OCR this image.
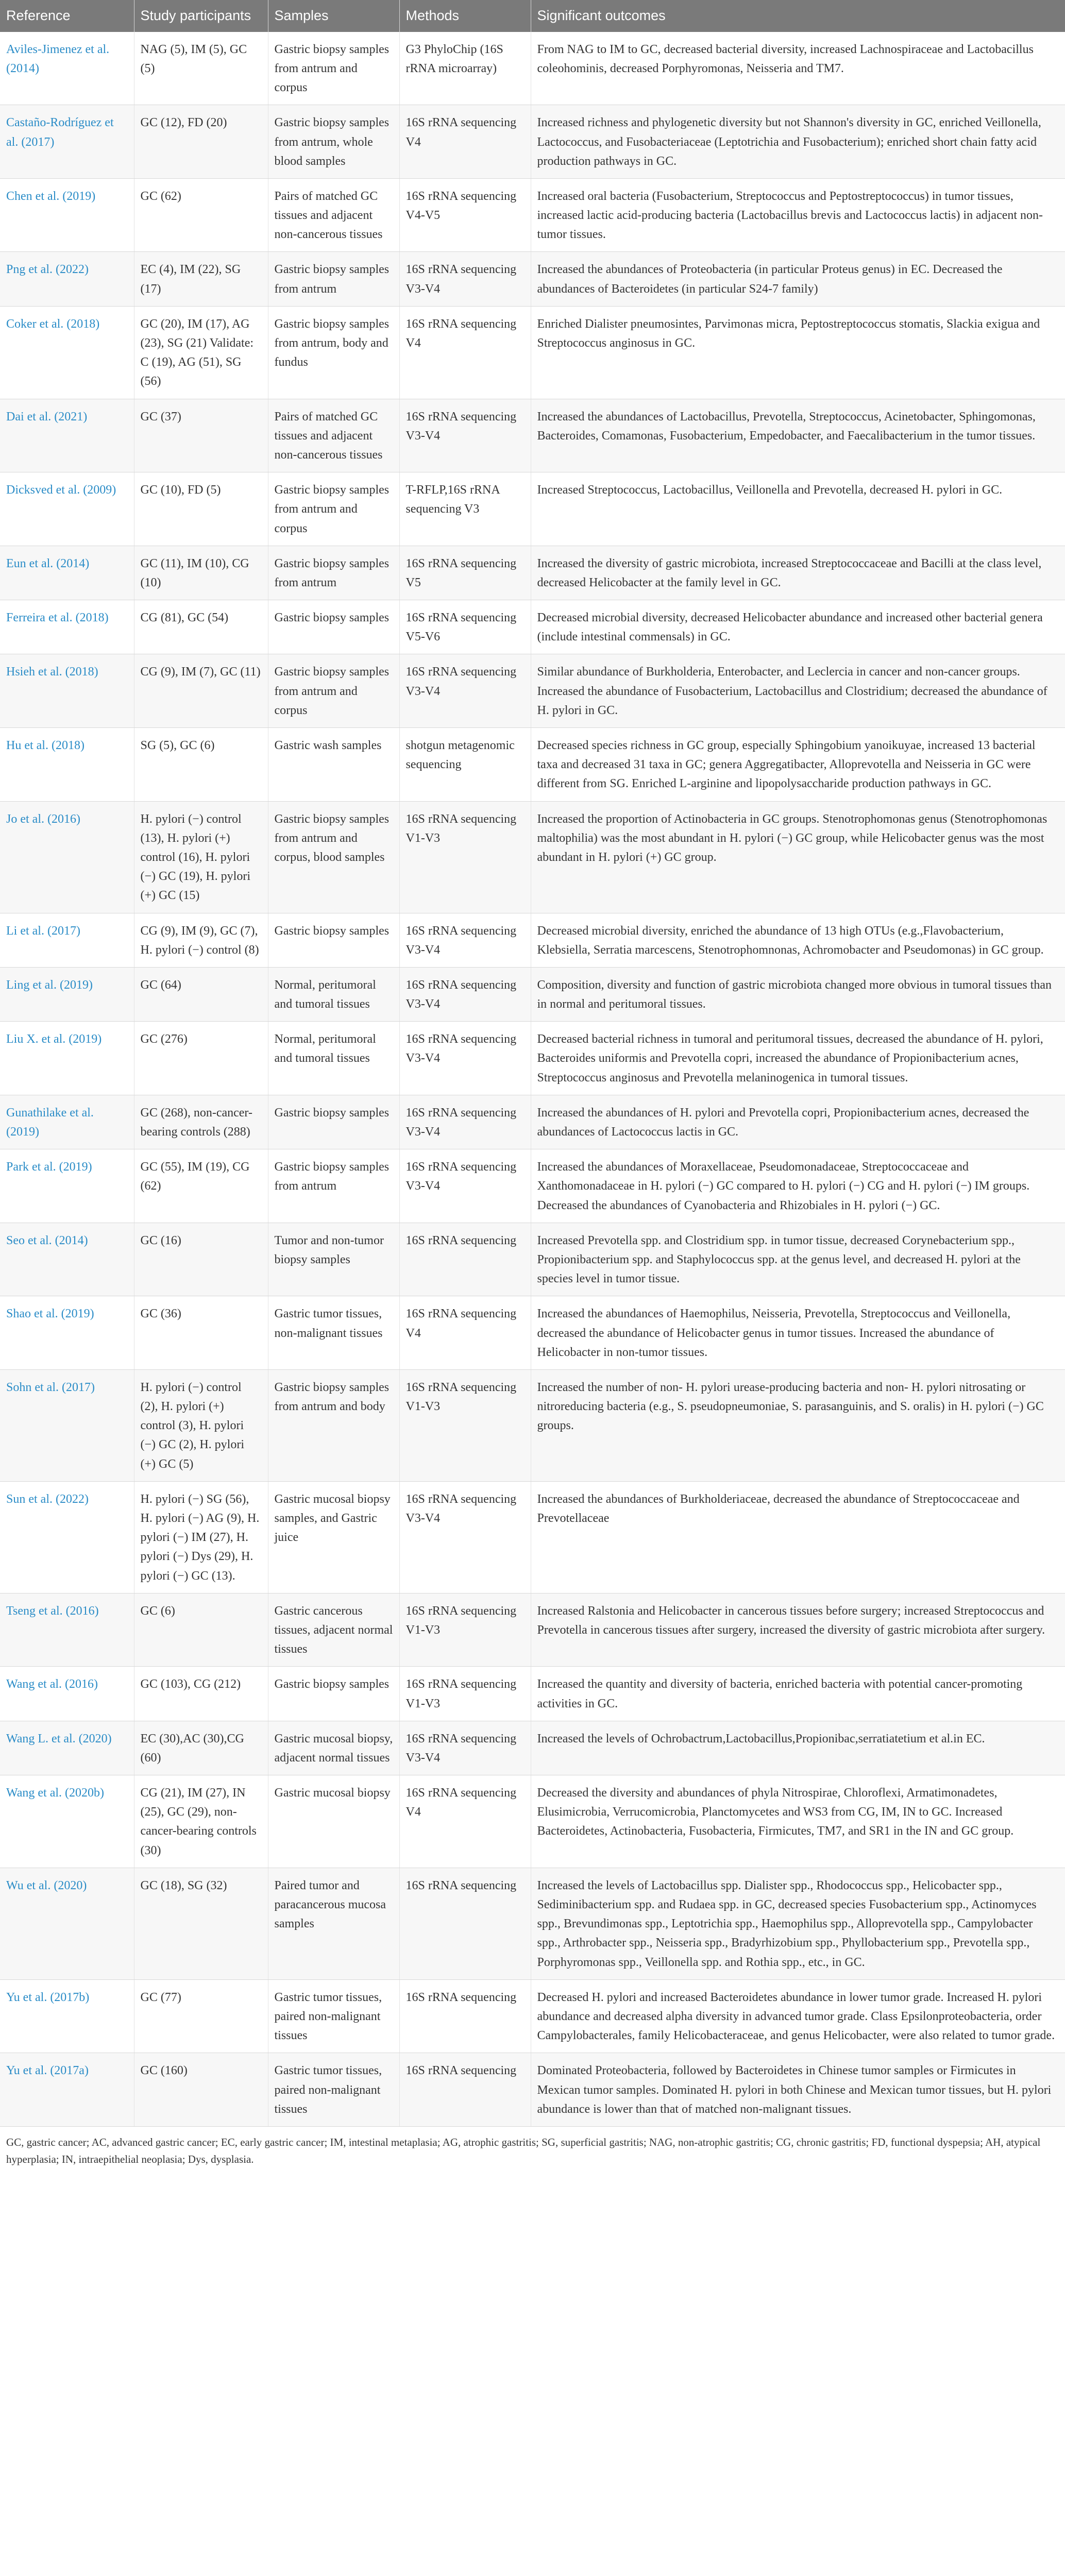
Reference	Study participants	Samples	Methods	Significant outcomes
Aviles-Jimenez et al. (2014)	NAG (5), IM (5), GC (5)	Gastric biopsy samples from antrum and corpus	G3 PhyloChip (16S rRNA microarray)	From NAG to IM to GC, decreased bacterial diversity, increased Lachnospiraceae and Lactobacillus coleohominis, decreased Porphyromonas, Neisseria and TM7.
Castaño-Rodríguez et al. (2017)	GC (12), FD (20)	Gastric biopsy samples from antrum, whole blood samples	16S rRNA sequencing V4	Increased richness and phylogenetic diversity but not Shannon's diversity in GC, enriched Veillonella, Lactococcus, and Fusobacteriaceae (Leptotrichia and Fusobacterium); enriched short chain fatty acid production pathways in GC.
Chen et al. (2019)	GC (62)	Pairs of matched GC tissues and adjacent non-cancerous tissues	16S rRNA sequencing V4-V5	Increased oral bacteria (Fusobacterium, Streptococcus and Peptostreptococcus) in tumor tissues, increased lactic acid-producing bacteria (Lactobacillus brevis and Lactococcus lactis) in adjacent non-tumor tissues.
Png et al. (2022)	EC (4), IM (22), SG (17)	Gastric biopsy samples from antrum	16S rRNA sequencing V3-V4	Increased the abundances of Proteobacteria (in particular Proteus genus) in EC. Decreased the abundances of Bacteroidetes (in particular S24-7 family)
Coker et al. (2018)	GC (20), IM (17), AG (23), SG (21) Validate: C (19), AG (51), SG (56)	Gastric biopsy samples from antrum, body and fundus	16S rRNA sequencing V4	Enriched Dialister pneumosintes, Parvimonas micra, Peptostreptococcus stomatis, Slackia exigua and Streptococcus anginosus in GC.
Dai et al. (2021)	GC (37)	Pairs of matched GC tissues and adjacent non-cancerous tissues	16S rRNA sequencing V3-V4	Increased the abundances of Lactobacillus, Prevotella, Streptococcus, Acinetobacter, Sphingomonas, Bacteroides, Comamonas, Fusobacterium, Empedobacter, and Faecalibacterium in the tumor tissues.
Dicksved et al. (2009)	GC (10), FD (5)	Gastric biopsy samples from antrum and corpus	T-RFLP,16S rRNA sequencing V3	Increased Streptococcus, Lactobacillus, Veillonella and Prevotella, decreased H. pylori in GC.
Eun et al. (2014)	GC (11), IM (10), CG (10)	Gastric biopsy samples from antrum	16S rRNA sequencing V5	Increased the diversity of gastric microbiota, increased Streptococcaceae and Bacilli at the class level, decreased Helicobacter at the family level in GC.
Ferreira et al. (2018)	CG (81), GC (54)	Gastric biopsy samples	16S rRNA sequencing V5-V6	Decreased microbial diversity, decreased Helicobacter abundance and increased other bacterial genera (include intestinal commensals) in GC.
Hsieh et al. (2018)	CG (9), IM (7), GC (11)	Gastric biopsy samples from antrum and corpus	16S rRNA sequencing V3-V4	Similar abundance of Burkholderia, Enterobacter, and Leclercia in cancer and non-cancer groups. Increased the abundance of Fusobacterium, Lactobacillus and Clostridium; decreased the abundance of H. pylori in GC.
Hu et al. (2018)	SG (5), GC (6)	Gastric wash samples	shotgun metagenomic sequencing	Decreased species richness in GC group, especially Sphingobium yanoikuyae, increased 13 bacterial taxa and decreased 31 taxa in GC; genera Aggregatibacter, Alloprevotella and Neisseria in GC were different from SG. Enriched L-arginine and lipopolysaccharide production pathways in GC.
Jo et al. (2016)	H. pylori (−) control (13), H. pylori (+) control (16), H. pylori (−) GC (19), H. pylori (+) GC (15)	Gastric biopsy samples from antrum and corpus, blood samples	16S rRNA sequencing V1-V3	Increased the proportion of Actinobacteria in GC groups. Stenotrophomonas genus (Stenotrophomonas maltophilia) was the most abundant in H. pylori (−) GC group, while Helicobacter genus was the most abundant in H. pylori (+) GC group.
Li et al. (2017)	CG (9), IM (9), GC (7), H. pylori (−) control (8)	Gastric biopsy samples	16S rRNA sequencing V3-V4	Decreased microbial diversity, enriched the abundance of 13 high OTUs (e.g.,Flavobacterium, Klebsiella, Serratia marcescens, Stenotrophomnonas, Achromobacter and Pseudomonas) in GC group.
Ling et al. (2019)	GC (64)	Normal, peritumoral and tumoral tissues	16S rRNA sequencing V3-V4	Composition, diversity and function of gastric microbiota changed more obvious in tumoral tissues than in normal and peritumoral tissues.
Liu X. et al. (2019)	GC (276)	Normal, peritumoral and tumoral tissues	16S rRNA sequencing V3-V4	Decreased bacterial richness in tumoral and peritumoral tissues, decreased the abundance of H. pylori, Bacteroides uniformis and Prevotella copri, increased the abundance of Propionibacterium acnes, Streptococcus anginosus and Prevotella melaninogenica in tumoral tissues.
Gunathilake et al. (2019)	GC (268), non-cancer-bearing controls (288)	Gastric biopsy samples	16S rRNA sequencing V3-V4	Increased the abundances of H. pylori and Prevotella copri, Propionibacterium acnes, decreased the abundances of Lactococcus lactis in GC.
Park et al. (2019)	GC (55), IM (19), CG (62)	Gastric biopsy samples from antrum	16S rRNA sequencing V3-V4	Increased the abundances of Moraxellaceae, Pseudomonadaceae, Streptococcaceae and Xanthomonadaceae in H. pylori (−) GC compared to H. pylori (−) CG and H. pylori (−) IM groups. Decreased the abundances of Cyanobacteria and Rhizobiales in H. pylori (−) GC.
Seo et al. (2014)	GC (16)	Tumor and non-tumor biopsy samples	16S rRNA sequencing	Increased Prevotella spp. and Clostridium spp. in tumor tissue, decreased Corynebacterium spp., Propionibacterium spp. and Staphylococcus spp. at the genus level, and decreased H. pylori at the species level in tumor tissue.
Shao et al. (2019)	GC (36)	Gastric tumor tissues, non-malignant tissues	16S rRNA sequencing V4	Increased the abundances of Haemophilus, Neisseria, Prevotella, Streptococcus and Veillonella, decreased the abundance of Helicobacter genus in tumor tissues. Increased the abundance of Helicobacter in non-tumor tissues.
Sohn et al. (2017)	H. pylori (−) control (2), H. pylori (+) control (3), H. pylori (−) GC (2), H. pylori (+) GC (5)	Gastric biopsy samples from antrum and body	16S rRNA sequencing V1-V3	Increased the number of non- H. pylori urease-producing bacteria and non- H. pylori nitrosating or nitroreducing bacteria (e.g., S. pseudopneumoniae, S. parasanguinis, and S. oralis) in H. pylori (−) GC groups.
Sun et al. (2022)	H. pylori (−) SG (56), H. pylori (−) AG (9), H. pylori (−) IM (27), H. pylori (−) Dys (29), H. pylori (−) GC (13).	Gastric mucosal biopsy samples, and Gastric juice	16S rRNA sequencing V3-V4	Increased the abundances of Burkholderiaceae, decreased the abundance of Streptococcaceae and Prevotellaceae
Tseng et al. (2016)	GC (6)	Gastric cancerous tissues, adjacent normal tissues	16S rRNA sequencing V1-V3	Increased Ralstonia and Helicobacter in cancerous tissues before surgery; increased Streptococcus and Prevotella in cancerous tissues after surgery, increased the diversity of gastric microbiota after surgery.
Wang et al. (2016)	GC (103), CG (212)	Gastric biopsy samples	16S rRNA sequencing V1-V3	Increased the quantity and diversity of bacteria, enriched bacteria with potential cancer-promoting activities in GC.
Wang L. et al. (2020)	EC (30),AC (30),CG (60)	Gastric mucosal biopsy, adjacent normal tissues	16S rRNA sequencing V3-V4	Increased the levels of Ochrobactrum,Lactobacillus,Propionibac,serratiatetium et al.in EC.
Wang et al. (2020b)	CG (21), IM (27), IN (25), GC (29), non-cancer-bearing controls (30)	Gastric mucosal biopsy	16S rRNA sequencing V4	Decreased the diversity and abundances of phyla Nitrospirae, Chloroflexi, Armatimonadetes, Elusimicrobia, Verrucomicrobia, Planctomycetes and WS3 from CG, IM, IN to GC. Increased Bacteroidetes, Actinobacteria, Fusobacteria, Firmicutes, TM7, and SR1 in the IN and GC group.
Wu et al. (2020)	GC (18), SG (32)	Paired tumor and paracancerous mucosa samples	16S rRNA sequencing	Increased the levels of Lactobacillus spp. Dialister spp., Rhodococcus spp., Helicobacter spp., Sediminibacterium spp. and Rudaea spp. in GC, decreased species Fusobacterium spp., Actinomyces spp., Brevundimonas spp., Leptotrichia spp., Haemophilus spp., Alloprevotella spp., Campylobacter spp., Arthrobacter spp., Neisseria spp., Bradyrhizobium spp., Phyllobacterium spp., Prevotella spp., Porphyromonas spp., Veillonella spp. and Rothia spp., etc., in GC.
Yu et al. (2017b)	GC (77)	Gastric tumor tissues, paired non-malignant tissues	16S rRNA sequencing	Decreased H. pylori and increased Bacteroidetes abundance in lower tumor grade. Increased H. pylori abundance and decreased alpha diversity in advanced tumor grade. Class Epsilonproteobacteria, order Campylobacterales, family Helicobacteraceae, and genus Helicobacter, were also related to tumor grade.
Yu et al. (2017a)	GC (160)	Gastric tumor tissues, paired non-malignant tissues	16S rRNA sequencing	Dominated Proteobacteria, followed by Bacteroidetes in Chinese tumor samples or Firmicutes in Mexican tumor samples. Dominated H. pylori in both Chinese and Mexican tumor tissues, but H. pylori abundance is lower than that of matched non-malignant tissues.
GC, gastric cancer; AC, advanced gastric cancer; EC, early gastric cancer; IM, intestinal metaplasia; AG, atrophic gastritis; SG, superficial gastritis; NAG, non-atrophic gastritis; CG, chronic gastritis; FD, functional dyspepsia; AH, atypical hyperplasia; IN, intraepithelial neoplasia; Dys, dysplasia.
